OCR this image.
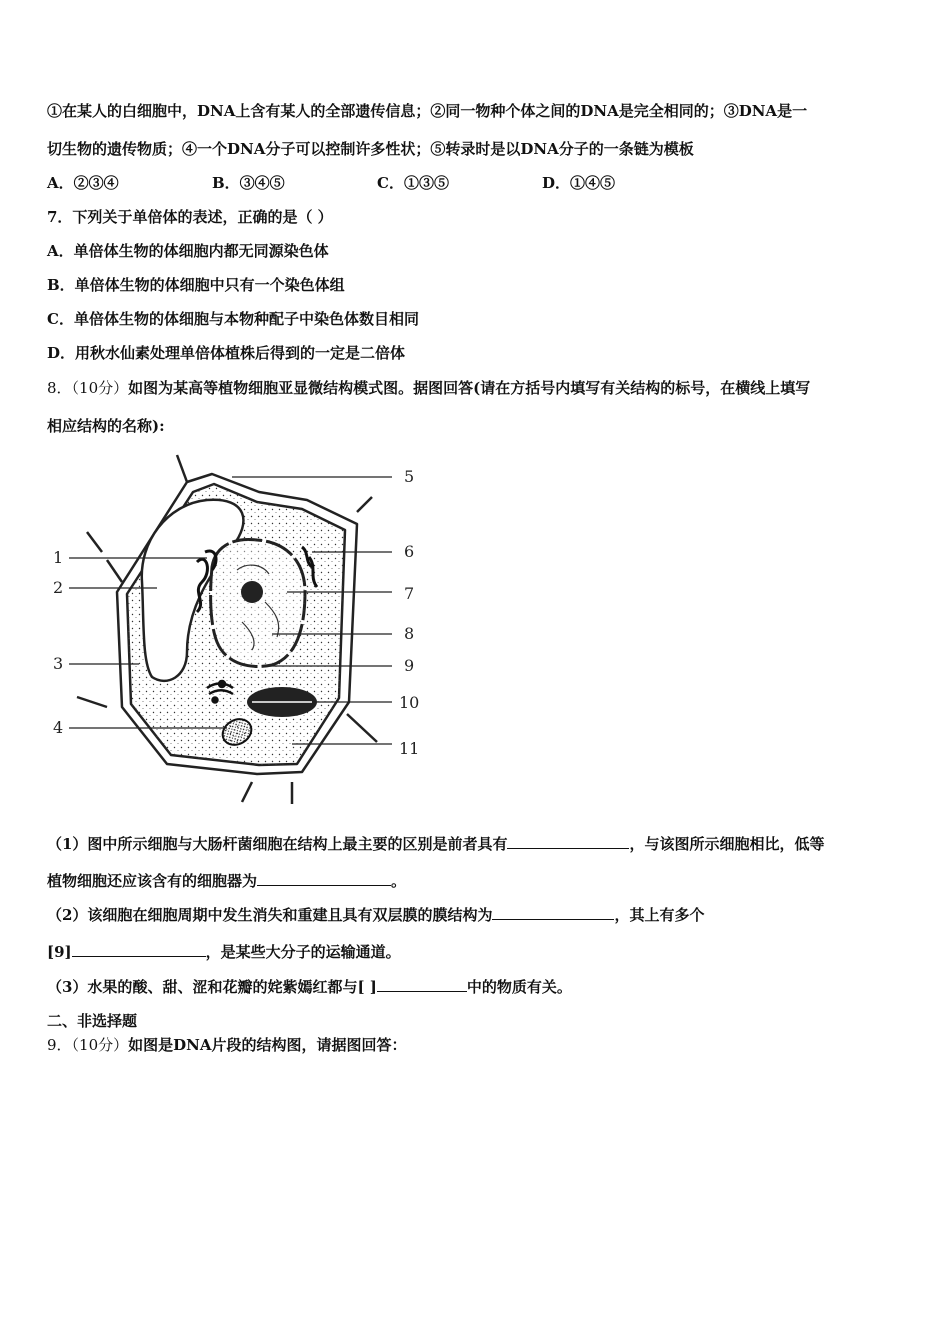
①在某人的白细胞中，DNA上含有某人的全部遗传信息；②同一物种个体之间的DNA是完全相同的；③DNA是一
切生物的遗传物质；④一个DNA分子可以控制许多性状；⑤转录时是以DNA分子的一条链为模板
A．②③④	B．③④⑤	C．①③⑤	D．①④⑤
7．下列关于单倍体的表述，正确的是（ ）
A．单倍体生物的体细胞内都无同源染色体
B．单倍体生物的体细胞中只有一个染色体组
C．单倍体生物的体细胞与本物种配子中染色体数目相同
D．用秋水仙素处理单倍体植株后得到的一定是二倍体
8．（10分）如图为某高等植物细胞亚显微结构模式图。据图回答(请在方括号内填写有关结构的标号，在横线上填写
相应结构的名称):
1
2
3
4
5
6
7
8
9
10
11
（1）图中所示细胞与大肠杆菌细胞在结构上最主要的区别是前者具有	，与该图所示细胞相比，低等
植物细胞还应该含有的细胞器为	。
（2）该细胞在细胞周期中发生消失和重建且具有双层膜的膜结构为	，其上有多个
[9]	，是某些大分子的运输通道。
（3）水果的酸、甜、涩和花瓣的姹紫嫣红都与[ ]	中的物质有关。
二、非选择题
9．（10分）如图是DNA片段的结构图，请据图回答：
